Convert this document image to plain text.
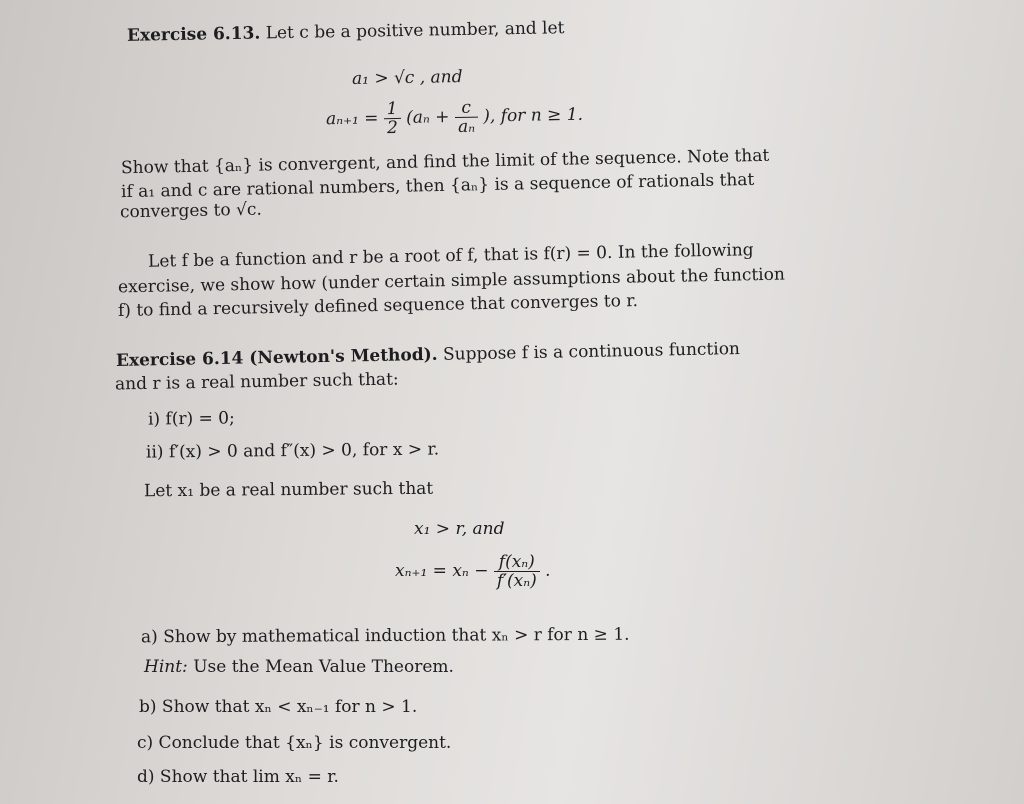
Exercise 6.13. Let c be a positive number, and let
a₁ > √c , and
$a_{n+1} = \frac{1}{2} (a_n + \frac{c}{\text{aₙ}}$ ), for n ≥ 1.
Show that {aₙ} is convergent, and find the limit of the sequence. Note that
if a₁ and c are rational numbers, then {aₙ} is a sequence of rationals that
converges to √c.
Let f be a function and r be a root of f, that is f(r) = 0. In the following
exercise, we show how (under certain simple assumptions about the function
f) to find a recursively defined sequence that converges to r.
Exercise 6.14 (Newton's Method). Suppose f is a continuous function
and r is a real number such that:
i) f(r) = 0;
ii) f′(x) > 0 and f″(x) > 0, for x > r.
Let x₁ be a real number such that
x₁ > r, and
$x_{n+1} = x_n - \frac{\text{f(xₙ)}}{\text{f′(xₙ)}}$ .
a) Show by mathematical induction that xₙ > r for n ≥ 1.
Hint: Use the Mean Value Theorem.
b) Show that xₙ < xₙ₋₁ for n > 1.
c) Conclude that {xₙ} is convergent.
d) Show that lim xₙ = r.
